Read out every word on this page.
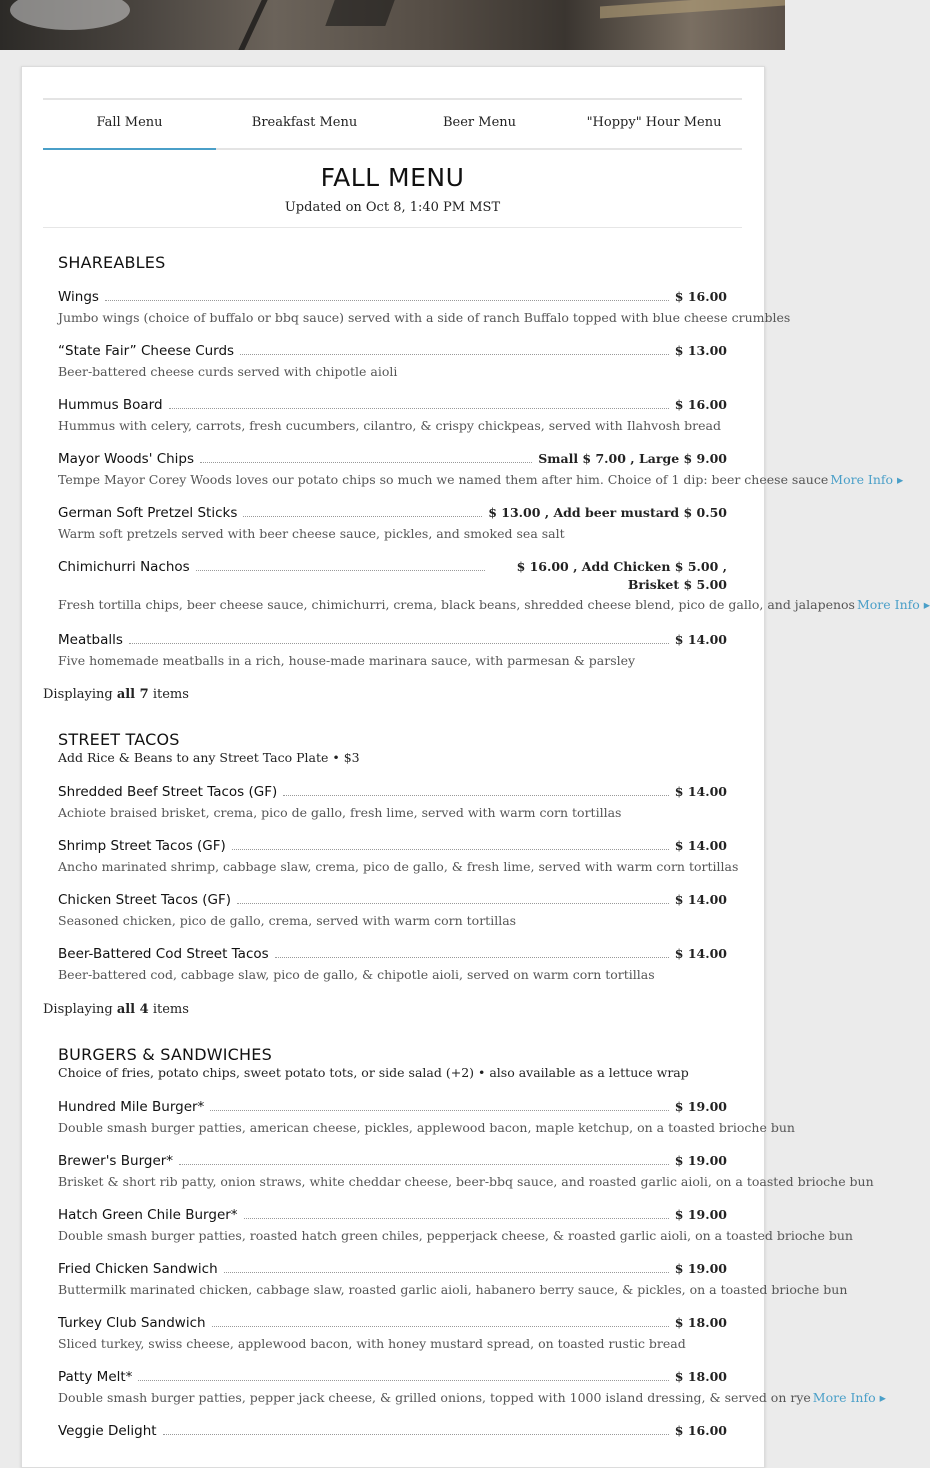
Fall Menu	Breakfast Menu	Beer Menu	"Hoppy" Hour Menu
FALL MENU
Updated on Oct 8, 1:40 PM MST
SHAREABLES
Wings	$ 16.00
Jumbo wings (choice of buffalo or bbq sauce) served with a side of ranch Buffalo topped with blue cheese crumbles
“State Fair” Cheese Curds	$ 13.00
Beer-battered cheese curds served with chipotle aioli
Hummus Board	$ 16.00
Hummus with celery, carrots, fresh cucumbers, cilantro, & crispy chickpeas, served with Ilahvosh bread
Mayor Woods' Chips	Small $ 7.00 , Large $ 9.00
Tempe Mayor Corey Woods loves our potato chips so much we named them after him. Choice of 1 dip: beer cheese sauce More Info ▸
German Soft Pretzel Sticks	$ 13.00 , Add beer mustard $ 0.50
Warm soft pretzels served with beer cheese sauce, pickles, and smoked sea salt
Chimichurri Nachos	$ 16.00 , Add Chicken $ 5.00 ,
Brisket $ 5.00
Fresh tortilla chips, beer cheese sauce, chimichurri, crema, black beans, shredded cheese blend, pico de gallo, and jalapenos More Info ▸
Meatballs	$ 14.00
Five homemade meatballs in a rich, house-made marinara sauce, with parmesan & parsley
Displaying all 7 items
STREET TACOS
Add Rice & Beans to any Street Taco Plate • $3
Shredded Beef Street Tacos (GF)	$ 14.00
Achiote braised brisket, crema, pico de gallo, fresh lime, served with warm corn tortillas
Shrimp Street Tacos (GF)	$ 14.00
Ancho marinated shrimp, cabbage slaw, crema, pico de gallo, & fresh lime, served with warm corn tortillas
Chicken Street Tacos (GF)	$ 14.00
Seasoned chicken, pico de gallo, crema, served with warm corn tortillas
Beer-Battered Cod Street Tacos	$ 14.00
Beer-battered cod, cabbage slaw, pico de gallo, & chipotle aioli, served on warm corn tortillas
Displaying all 4 items
BURGERS & SANDWICHES
Choice of fries, potato chips, sweet potato tots, or side salad (+2) • also available as a lettuce wrap
Hundred Mile Burger*	$ 19.00
Double smash burger patties, american cheese, pickles, applewood bacon, maple ketchup, on a toasted brioche bun
Brewer's Burger*	$ 19.00
Brisket & short rib patty, onion straws, white cheddar cheese, beer-bbq sauce, and roasted garlic aioli, on a toasted brioche bun
Hatch Green Chile Burger*	$ 19.00
Double smash burger patties, roasted hatch green chiles, pepperjack cheese, & roasted garlic aioli, on a toasted brioche bun
Fried Chicken Sandwich	$ 19.00
Buttermilk marinated chicken, cabbage slaw, roasted garlic aioli, habanero berry sauce, & pickles, on a toasted brioche bun
Turkey Club Sandwich	$ 18.00
Sliced turkey, swiss cheese, applewood bacon, with honey mustard spread, on toasted rustic bread
Patty Melt*	$ 18.00
Double smash burger patties, pepper jack cheese, & grilled onions, topped with 1000 island dressing, & served on rye More Info ▸
Veggie Delight	$ 16.00
